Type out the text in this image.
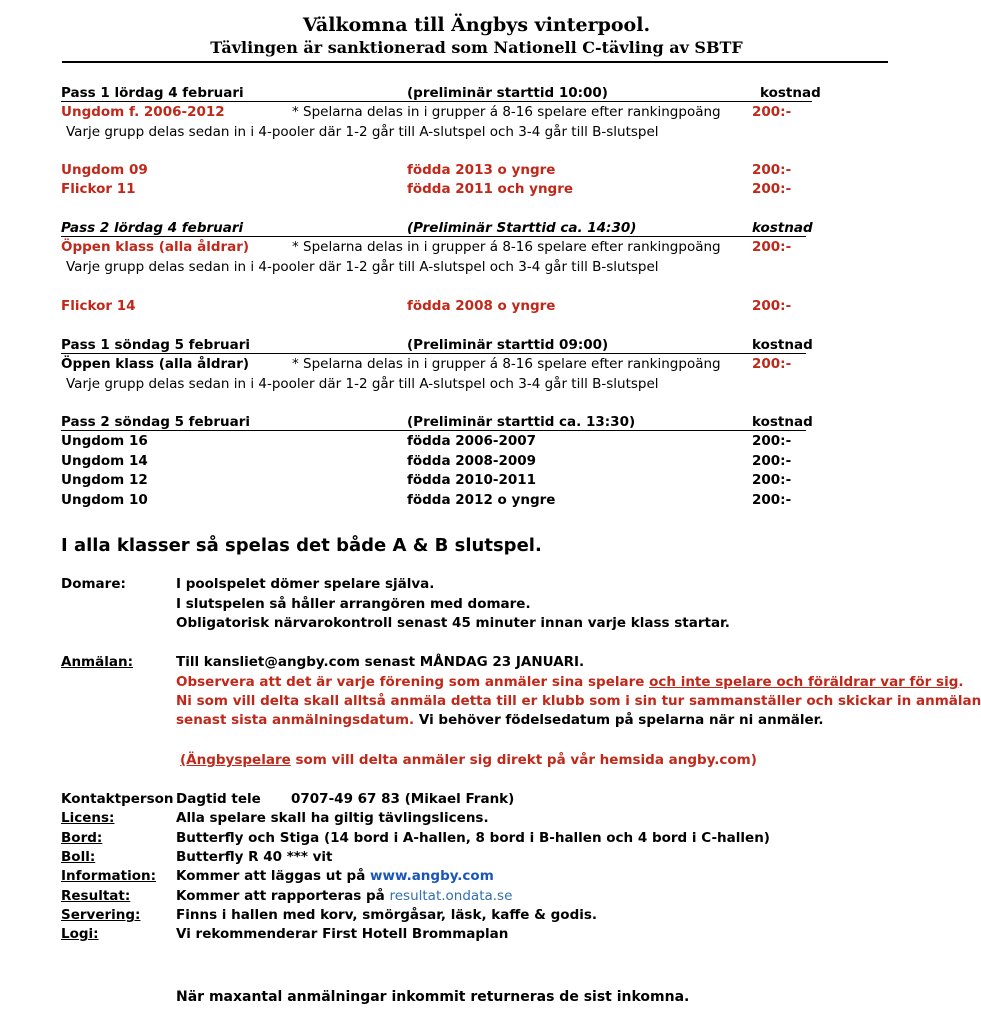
Välkomna till Ängbys vinterpool.
Tävlingen är sanktionerad som Nationell C-tävling av SBTF
Pass 1 lördag 4 februari	(preliminär starttid 10:00)	kostnad
Ungdom f. 2006-2012	* Spelarna delas in i grupper á 8-16 spelare efter rankingpoäng 200:-
Varje grupp delas sedan in i 4-pooler där 1-2 går till A-slutspel och 3-4 går till B-slutspel
Ungdom 09	födda 2013 o yngre	200:-
Flickor 11	födda 2011 och yngre	200:-
Pass 2 lördag 4 februari	(Preliminär Starttid ca. 14:30)	kostnad
Öppen klass (alla åldrar)	* Spelarna delas in i grupper á 8-16 spelare efter rankingpoäng 200:-
Varje grupp delas sedan in i 4-pooler där 1-2 går till A-slutspel och 3-4 går till B-slutspel
Flickor 14	födda 2008 o yngre	200:-
Pass 1 söndag 5 februari	(Preliminär starttid 09:00)	kostnad
Öppen klass (alla åldrar)	* Spelarna delas in i grupper á 8-16 spelare efter rankingpoäng 200:-
Varje grupp delas sedan in i 4-pooler där 1-2 går till A-slutspel och 3-4 går till B-slutspel
Pass 2 söndag 5 februari	(Preliminär starttid ca. 13:30)	kostnad
Ungdom 16	födda 2006-2007	200:-
Ungdom 14	födda 2008-2009	200:-
Ungdom 12	födda 2010-2011	200:-
Ungdom 10	födda 2012 o yngre	200:-
I alla klasser så spelas det både A & B slutspel.
Domare:	I poolspelet dömer spelare själva.
I slutspelen så håller arrangören med domare.
Obligatorisk närvarokontroll senast 45 minuter innan varje klass startar.
Anmälan:	Till kansliet@angby.com senast MÅNDAG 23 JANUARI.
Observera att det är varje förening som anmäler sina spelare och inte spelare och föräldrar var för sig.
Ni som vill delta skall alltså anmäla detta till er klubb som i sin tur sammanställer och skickar in anmälan
senast sista anmälningsdatum. Vi behöver födelsedatum på spelarna när ni anmäler.
(Ängbyspelare som vill delta anmäler sig direkt på vår hemsida angby.com)
Kontaktperson Dagtid tele 0707-49 67 83 (Mikael Frank)
Licens:	Alla spelare skall ha giltig tävlingslicens.
Bord:	Butterfly och Stiga (14 bord i A-hallen, 8 bord i B-hallen och 4 bord i C-hallen)
Boll:	Butterfly R 40 *** vit
Information: Kommer att läggas ut på www.angby.com
Resultat:	Kommer att rapporteras på resultat.ondata.se
Servering:	Finns i hallen med korv, smörgåsar, läsk, kaffe & godis.
Logi:	Vi rekommenderar First Hotell Brommaplan
När maxantal anmälningar inkommit returneras de sist inkomna.
